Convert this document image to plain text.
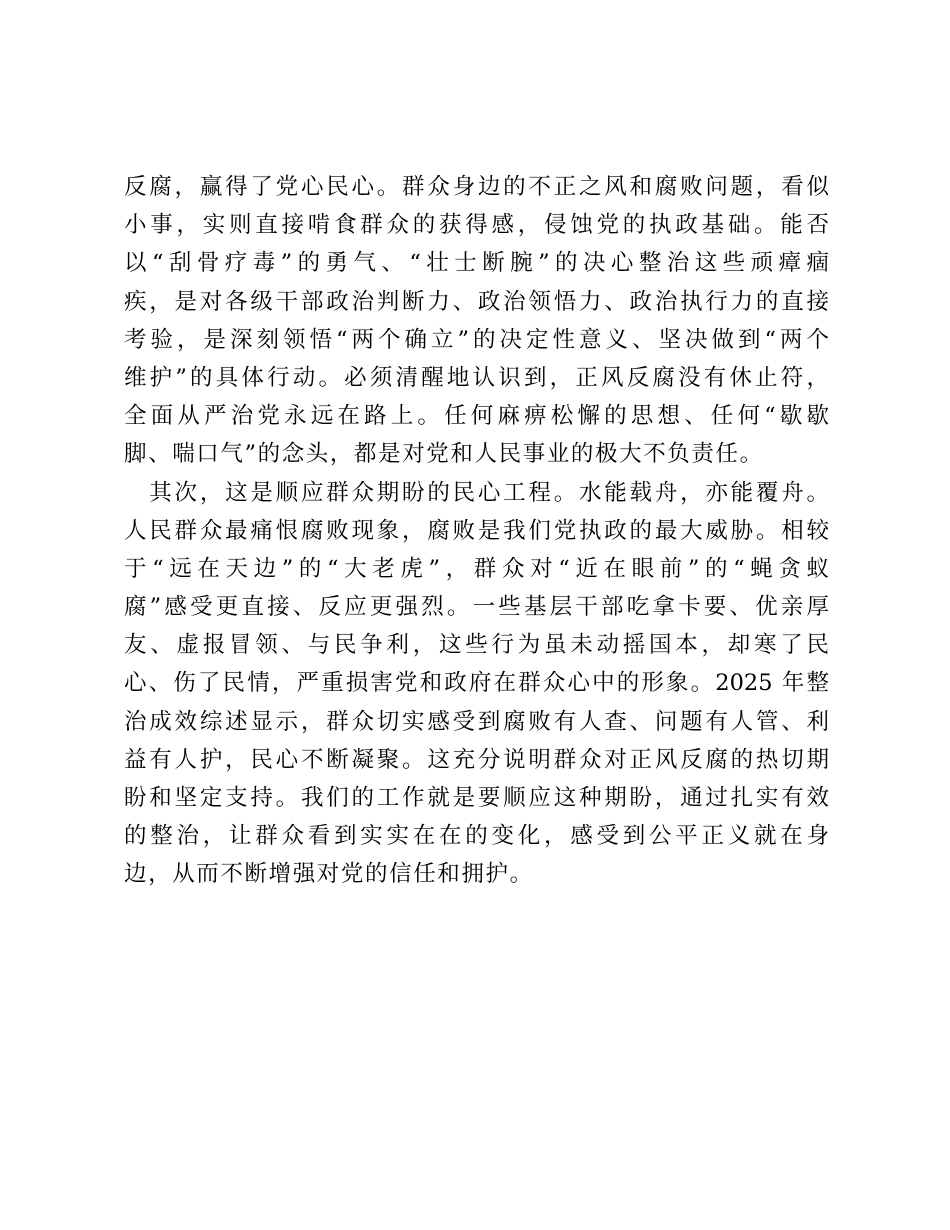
反腐，赢得了党心民心。群众身边的不正之风和腐败问题，看似
小事，实则直接啃食群众的获得感，侵蚀党的执政基础。能否
以“刮骨疗毒”的勇气、“壮士断腕”的决心整治这些顽瘴痼
疾，是对各级干部政治判断力、政治领悟力、政治执行力的直接
考验，是深刻领悟“两个确立”的决定性意义、坚决做到“两个
维护”的具体行动。必须清醒地认识到，正风反腐没有休止符，
全面从严治党永远在路上。任何麻痹松懈的思想、任何“歇歇
脚、喘口气”的念头，都是对党和人民事业的极大不负责任。
　其次，这是顺应群众期盼的民心工程。水能载舟，亦能覆舟。
人民群众最痛恨腐败现象，腐败是我们党执政的最大威胁。相较
于“远在天边”的“大老虎”，群众对“近在眼前”的“蝇贪蚁
腐”感受更直接、反应更强烈。一些基层干部吃拿卡要、优亲厚
友、虚报冒领、与民争利，这些行为虽未动摇国本，却寒了民
心、伤了民情，严重损害党和政府在群众心中的形象。2025 年整
治成效综述显示，群众切实感受到腐败有人查、问题有人管、利
益有人护，民心不断凝聚。这充分说明群众对正风反腐的热切期
盼和坚定支持。我们的工作就是要顺应这种期盼，通过扎实有效
的整治，让群众看到实实在在的变化，感受到公平正义就在身
边，从而不断增强对党的信任和拥护。
